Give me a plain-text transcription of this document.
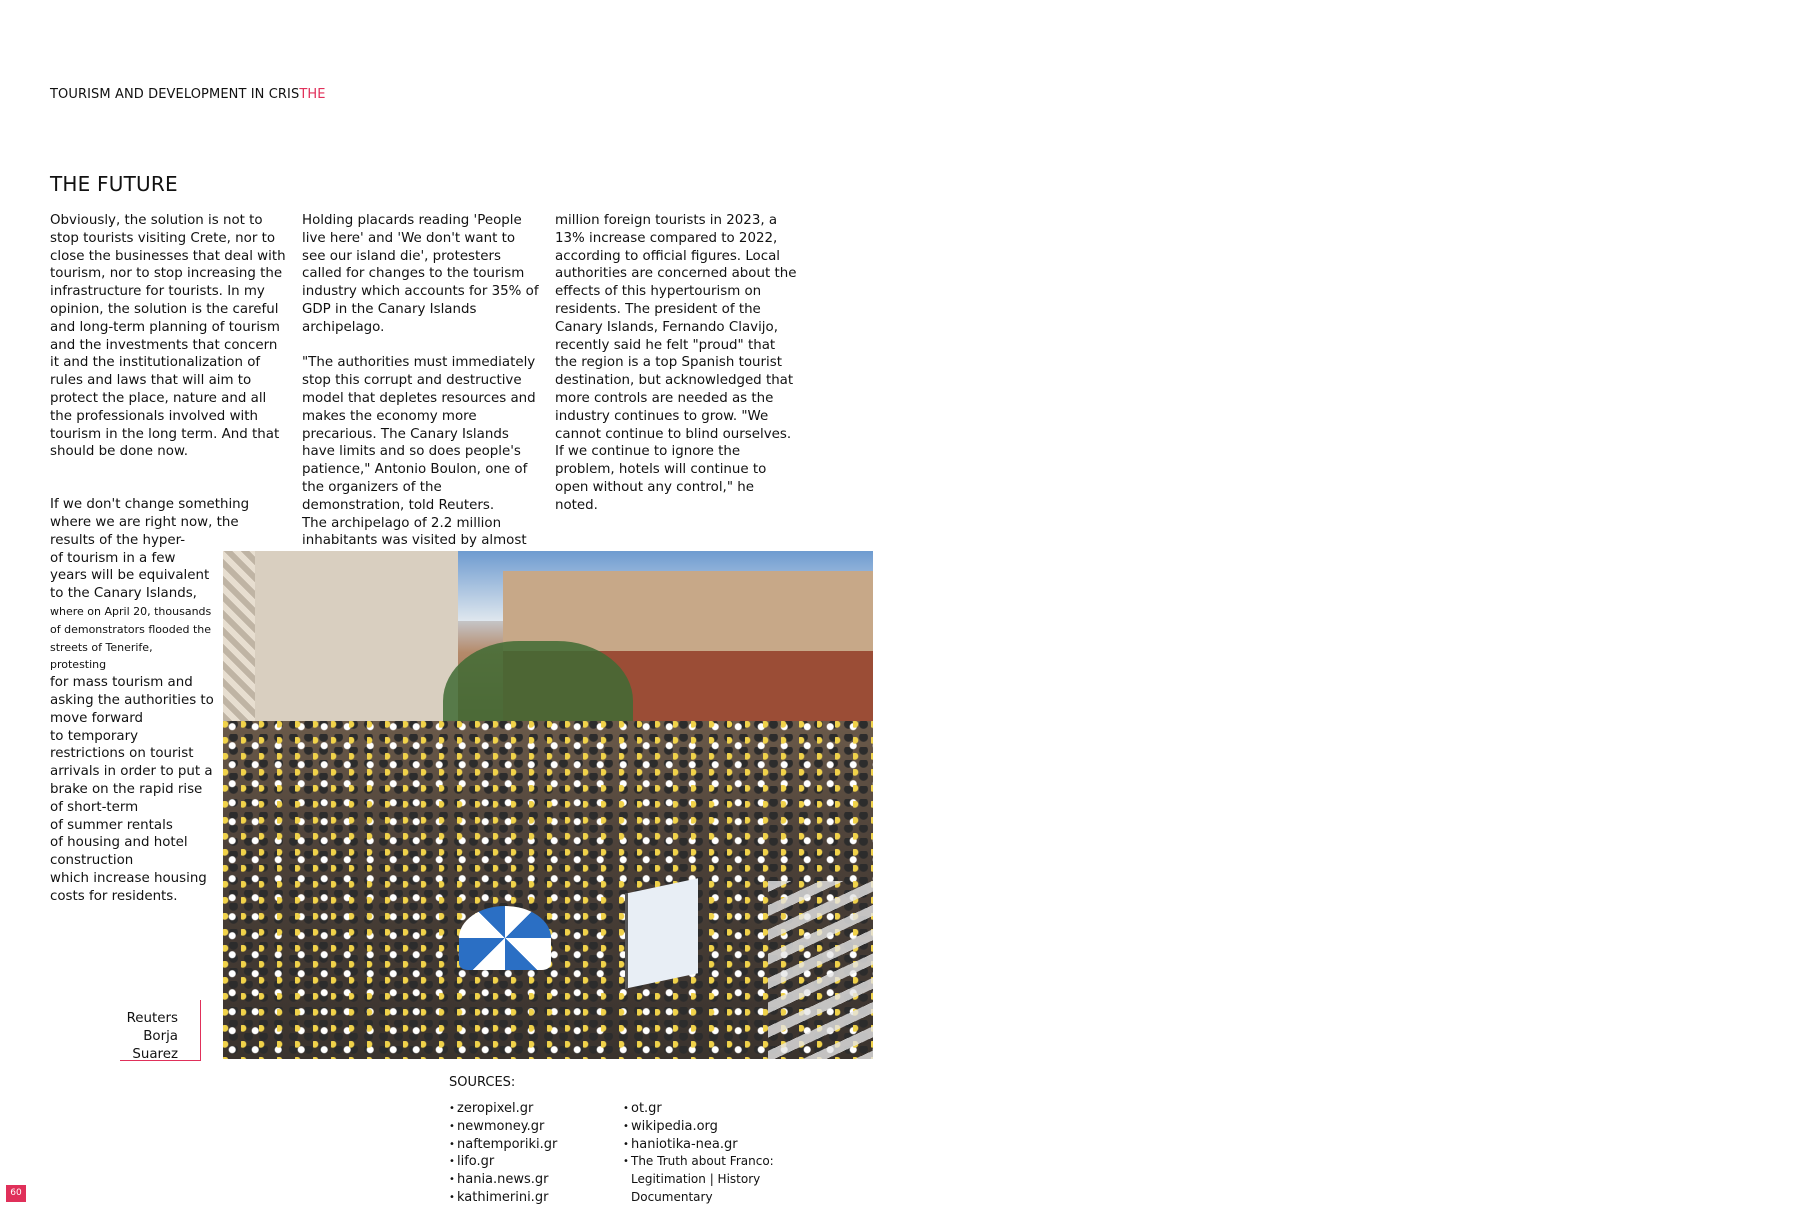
TOURISM AND DEVELOPMENT IN CRISTHE
THE FUTURE

Obviously, the solution is not to stop tourists visiting Crete, nor to close the businesses that deal with tourism, nor to stop increasing the infrastructure for tourists. In my opinion, the solution is the careful and long-term planning of tourism and the investments that concern it and the institutionalization of rules and laws that will aim to protect the place, nature and all the professionals involved with tourism in the long term. And that should be done now.

If we don't change something where we are right now, the results of the hyper-

of tourism in a few
years will be equivalent
to the Canary Islands,
where on April 20, thousands
of demonstrators flooded the
streets of Tenerife,
protesting
for mass tourism and
asking the authorities to
move forward
to temporary
restrictions on tourist
arrivals in order to put a
brake on the rapid rise
of short-term
of summer rentals
of housing and hotel
construction
which increase housing
costs for residents.

Holding placards reading 'People live here' and 'We don't want to see our island die', protesters called for changes to the tourism industry which accounts for 35% of GDP in the Canary Islands archipelago.

"The authorities must immediately stop this corrupt and destructive model that depletes resources and makes the economy more precarious. The Canary Islands have limits and so does people's patience," Antonio Boulon, one of the organizers of the demonstration, told Reuters.

The archipelago of 2.2 million inhabitants was visited by almost

million foreign tourists in 2023, a 13% increase compared to 2022, according to official figures. Local authorities are concerned about the effects of this hypertourism on residents. The president of the Canary Islands, Fernando Clavijo, recently said he felt "proud" that the region is a top Spanish tourist destination, but acknowledged that more controls are needed as the industry continues to grow. "We cannot continue to blind ourselves. If we continue to ignore the problem, hotels will continue to open without any control," he noted.

Reuters
Borja Suarez
SOURCES:
• zeropixel.gr
• newmoney.gr
• naftemporiki.gr
• lifo.gr
• hania.news.gr
• kathimerini.gr
• ot.gr
• wikipedia.org
• haniotika-nea.gr
• The Truth about Franco: Legitimation | History Documentary
60
